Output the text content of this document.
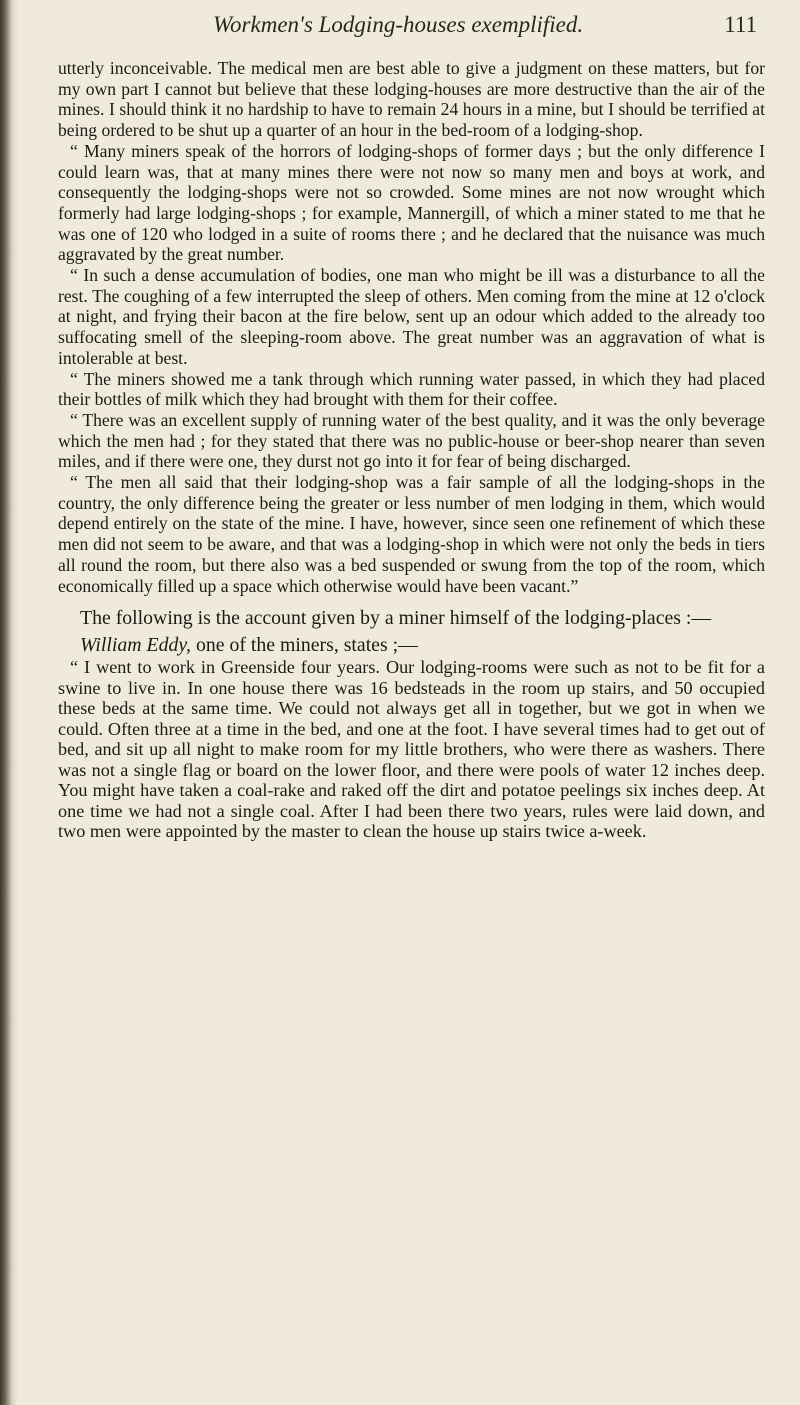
Workmen's Lodging-houses exemplified.	111

utterly inconceivable. The medical men are best able to give a judgment on these matters, but for my own part I cannot but believe that these lodging-houses are more destructive than the air of the mines. I should think it no hardship to have to remain 24 hours in a mine, but I should be terrified at being ordered to be shut up a quarter of an hour in the bed-room of a lodging-shop.

“ Many miners speak of the horrors of lodging-shops of former days ; but the only difference I could learn was, that at many mines there were not now so many men and boys at work, and consequently the lodging-shops were not so crowded. Some mines are not now wrought which formerly had large lodging-shops ; for example, Mannergill, of which a miner stated to me that he was one of 120 who lodged in a suite of rooms there ; and he declared that the nuisance was much aggravated by the great number.

“ In such a dense accumulation of bodies, one man who might be ill was a disturbance to all the rest. The coughing of a few interrupted the sleep of others. Men coming from the mine at 12 o'clock at night, and frying their bacon at the fire below, sent up an odour which added to the already too suffocating smell of the sleeping-room above. The great number was an aggravation of what is intolerable at best.

“ The miners showed me a tank through which running water passed, in which they had placed their bottles of milk which they had brought with them for their coffee.

“ There was an excellent supply of running water of the best quality, and it was the only beverage which the men had ; for they stated that there was no public-house or beer-shop nearer than seven miles, and if there were one, they durst not go into it for fear of being discharged.

“ The men all said that their lodging-shop was a fair sample of all the lodging-shops in the country, the only difference being the greater or less number of men lodging in them, which would depend entirely on the state of the mine. I have, however, since seen one refinement of which these men did not seem to be aware, and that was a lodging-shop in which were not only the beds in tiers all round the room, but there also was a bed suspended or swung from the top of the room, which economically filled up a space which otherwise would have been vacant.”

The following is the account given by a miner himself of the lodging-places :—

William Eddy, one of the miners, states ;—

“ I went to work in Greenside four years. Our lodging-rooms were such as not to be fit for a swine to live in. In one house there was 16 bedsteads in the room up stairs, and 50 occupied these beds at the same time. We could not always get all in together, but we got in when we could. Often three at a time in the bed, and one at the foot. I have several times had to get out of bed, and sit up all night to make room for my little brothers, who were there as washers. There was not a single flag or board on the lower floor, and there were pools of water 12 inches deep. You might have taken a coal-rake and raked off the dirt and potatoe peelings six inches deep. At one time we had not a single coal. After I had been there two years, rules were laid down, and two men were appointed by the master to clean the house up stairs twice a-week.
